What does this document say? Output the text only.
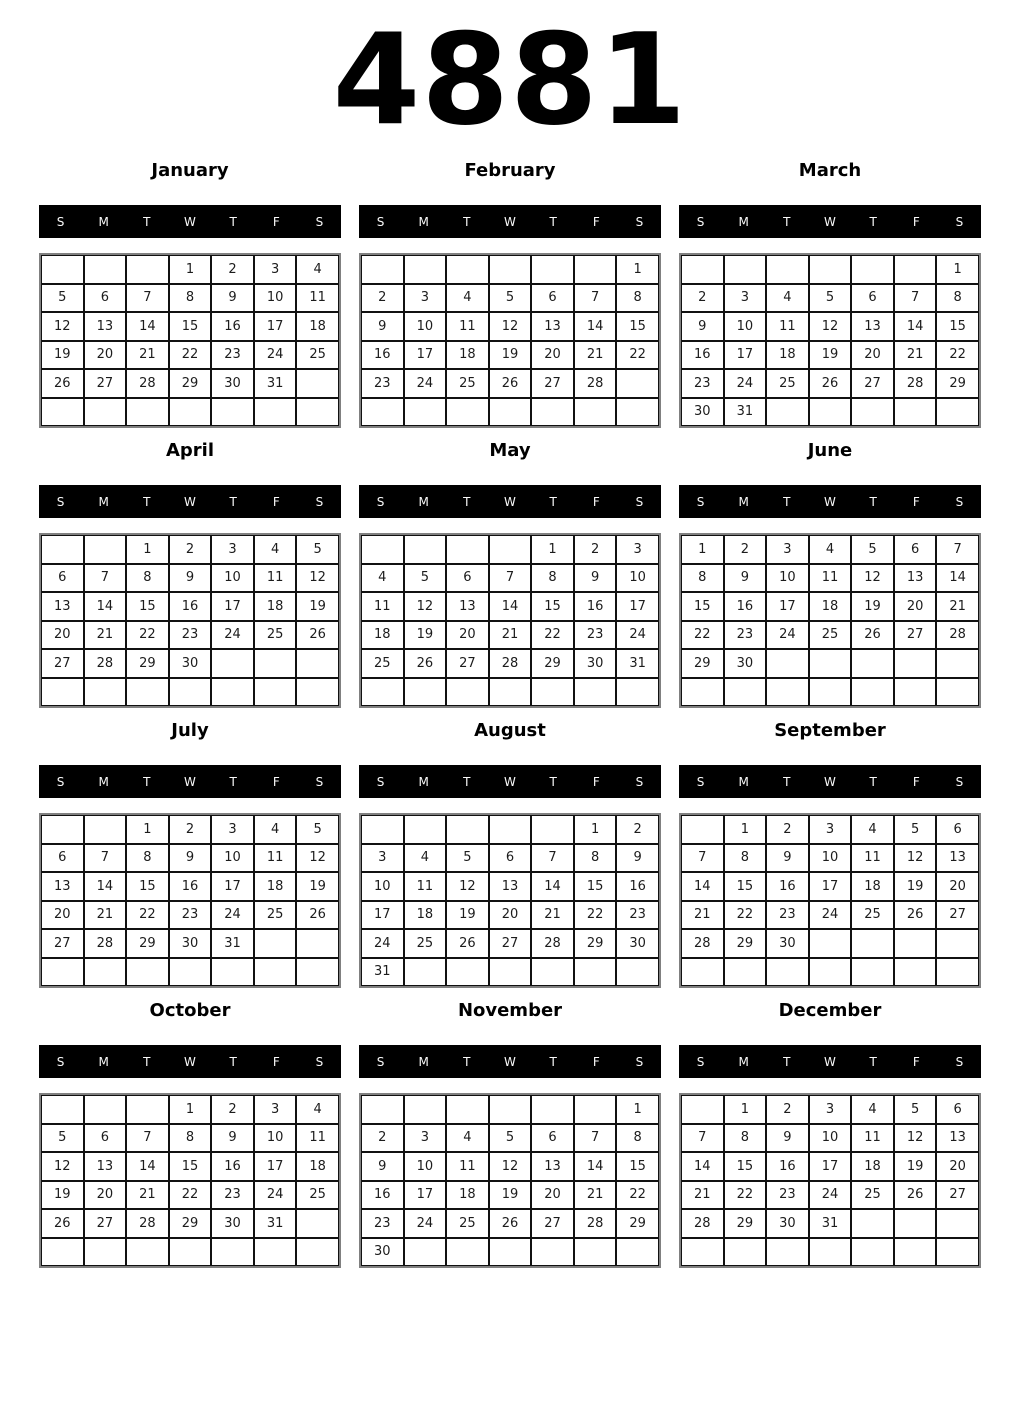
4881
January
S	M	T	W	T	F	S
			1	2	3	4
5	6	7	8	9	10	11
12	13	14	15	16	17	18
19	20	21	22	23	24	25
26	27	28	29	30	31	

February
S	M	T	W	T	F	S
						1
2	3	4	5	6	7	8
9	10	11	12	13	14	15
16	17	18	19	20	21	22
23	24	25	26	27	28	

March
S	M	T	W	T	F	S
						1
2	3	4	5	6	7	8
9	10	11	12	13	14	15
16	17	18	19	20	21	22
23	24	25	26	27	28	29
30	31					
April
S	M	T	W	T	F	S
		1	2	3	4	5
6	7	8	9	10	11	12
13	14	15	16	17	18	19
20	21	22	23	24	25	26
27	28	29	30			

May
S	M	T	W	T	F	S
				1	2	3
4	5	6	7	8	9	10
11	12	13	14	15	16	17
18	19	20	21	22	23	24
25	26	27	28	29	30	31

June
S	M	T	W	T	F	S
1	2	3	4	5	6	7
8	9	10	11	12	13	14
15	16	17	18	19	20	21
22	23	24	25	26	27	28
29	30					

July
S	M	T	W	T	F	S
		1	2	3	4	5
6	7	8	9	10	11	12
13	14	15	16	17	18	19
20	21	22	23	24	25	26
27	28	29	30	31		

August
S	M	T	W	T	F	S
					1	2
3	4	5	6	7	8	9
10	11	12	13	14	15	16
17	18	19	20	21	22	23
24	25	26	27	28	29	30
31						
September
S	M	T	W	T	F	S
	1	2	3	4	5	6
7	8	9	10	11	12	13
14	15	16	17	18	19	20
21	22	23	24	25	26	27
28	29	30				

October
S	M	T	W	T	F	S
			1	2	3	4
5	6	7	8	9	10	11
12	13	14	15	16	17	18
19	20	21	22	23	24	25
26	27	28	29	30	31	

November
S	M	T	W	T	F	S
						1
2	3	4	5	6	7	8
9	10	11	12	13	14	15
16	17	18	19	20	21	22
23	24	25	26	27	28	29
30						
December
S	M	T	W	T	F	S
	1	2	3	4	5	6
7	8	9	10	11	12	13
14	15	16	17	18	19	20
21	22	23	24	25	26	27
28	29	30	31			
